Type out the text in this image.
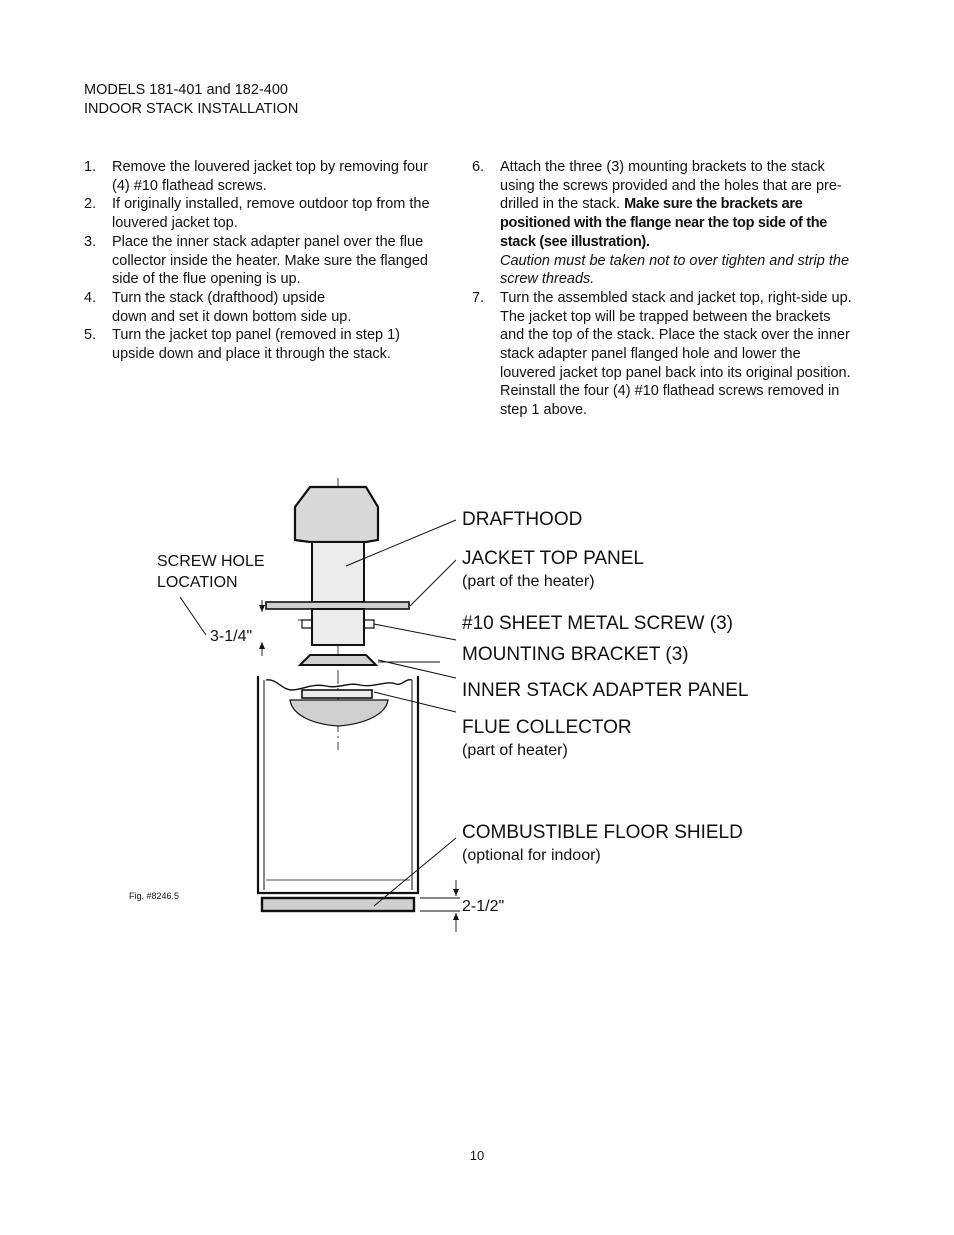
MODELS 181-401 and 182-400
INDOOR STACK INSTALLATION
1. Remove the louvered jacket top by removing four (4) #10 flathead screws.
2. If originally installed, remove outdoor top from the louvered jacket top.
3. Place the inner stack adapter panel over the flue collector inside the heater. Make sure the flanged side of the flue opening is up.
4. Turn the stack (drafthood) upside
down and set it down bottom side up.
5. Turn the jacket top panel (removed in step 1) upside down and place it through the stack.
6. Attach the three (3) mounting brackets to the stack using the screws provided and the holes that are pre-drilled in the stack. Make sure the brackets are positioned with the flange near the top side of the stack (see illustration).
Caution must be taken not to over tighten and strip the screw threads.
7. Turn the assembled stack and jacket top, right-side up. The jacket top will be trapped between the brackets and the top of the stack. Place the stack over the inner stack adapter panel flanged hole and lower the louvered jacket top panel back into its original position. Reinstall the four (4) #10 flathead screws removed in step 1 above.
DRAFTHOOD
JACKET TOP PANEL
(part of the heater)
#10 SHEET METAL SCREW (3)
MOUNTING BRACKET (3)
INNER STACK ADAPTER PANEL
FLUE COLLECTOR
(part of heater)
COMBUSTIBLE FLOOR SHIELD
(optional for indoor)
SCREW HOLE
LOCATION
3-1/4"
2-1/2"
Fig. #8246.5
10
